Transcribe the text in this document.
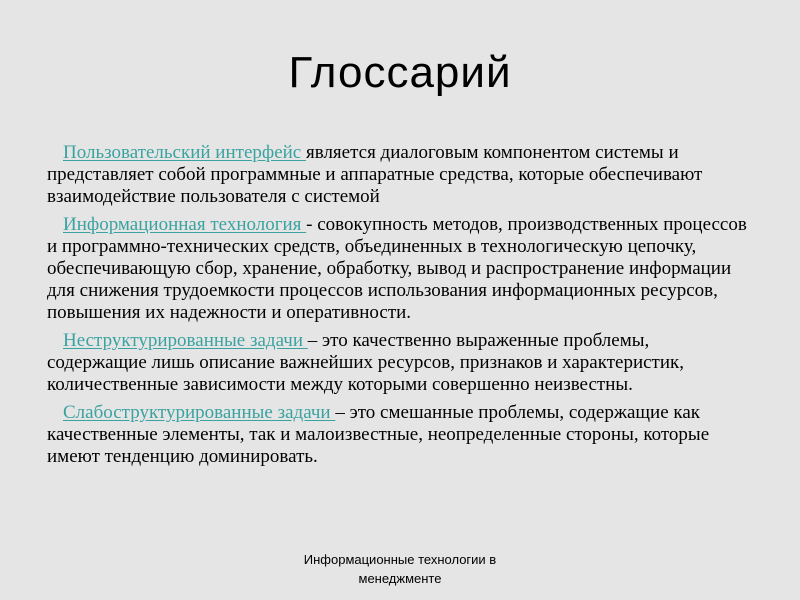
Глоссарий

Пользовательский интерфейс является диалоговым компонентом системы и представляет собой программные и аппаратные средства, которые обеспечивают взаимодействие пользователя с системой

Информационная технология - совокупность методов, производственных процессов и программно-технических средств, объединенных в технологическую цепочку, обеспечивающую сбор, хранение, обработку, вывод и распространение информации для снижения трудоемкости процессов использования информационных ресурсов, повышения их надежности и оперативности.

Неструктурированные задачи – это качественно выраженные проблемы, содержащие лишь описание важнейших ресурсов, признаков и характеристик, количественные зависимости между которыми совершенно неизвестны.

Слабоструктурированные задачи – это смешанные проблемы, содержащие как качественные элементы, так и малоизвестные, неопределенные стороны, которые имеют тенденцию доминировать.

Информационные технологии в
менеджменте
